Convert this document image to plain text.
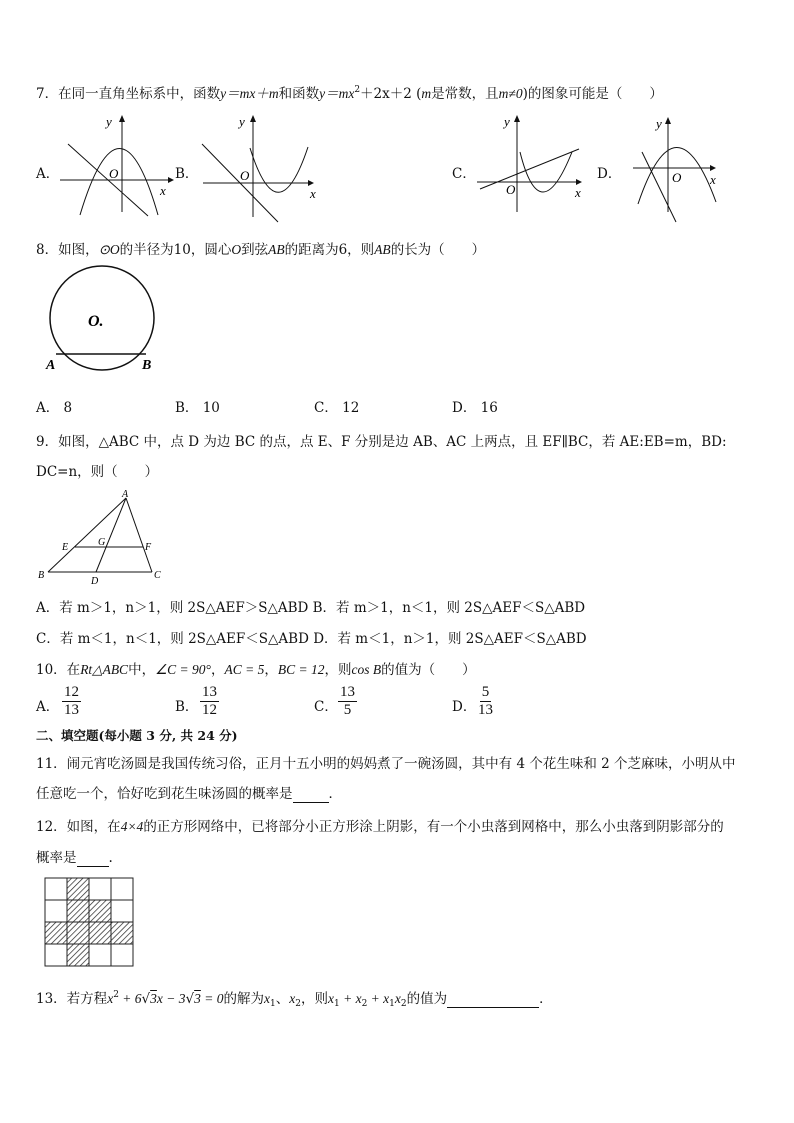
7．在同一直角坐标系中，函数y＝mx＋m和函数$y=mx^2+2x+2$ (m是常数，且m≠0)的图象可能是（　　）
A．	B．	C．	D．
y
x
O
y
x
O
y
x
O
y
x
O
8．如图，⊙O的半径为10，圆心O到弦AB的距离为6，则AB的长为（　　）
O.
A	B
A． 8	B． 10	C． 12	D． 16
9．如图，△ABC 中，点 D 为边 BC 的点，点 E、F 分别是边 AB、AC 上两点，且 EF∥BC，若 AE:EB=m，BD:
DC=n，则（　　）
A
B	C
D
E	F
G
A．若 m＞1，n＞1，则 2S△AEF＞S△ABD B．若 m＞1，n＜1，则 2S△AEF＜S△ABD
C．若 m＜1，n＜1，则 2S△AEF＜S△ABD D．若 m＜1，n＞1，则 2S△AEF＜S△ABD
10．在Rt△ABC中，∠C = 90°，AC = 5，BC = 12，则cos B的值为（　　）
A． $\frac{12}{13}$	B． $\frac{13}{12}$	C． $\frac{13}{5}$	D． $\frac{5}{13}$
二、填空题(每小题 3 分, 共 24 分)
11．闹元宵吃汤圆是我国传统习俗，正月十五小明的妈妈煮了一碗汤圆，其中有 4 个花生味和 2 个芝麻味，小明从中
任意吃一个，恰好吃到花生味汤圆的概率是	．
12．如图，在4×4的正方形网络中，已将部分小正方形涂上阴影，有一个小虫落到网格中，那么小虫落到阴影部分的
概率是 .
13．若方程$x^2 + 6√3x - 3√3 = 0$的解为$x_1$、$x_2$，则$x_1 + x_2 + x_1x_2$的值为	．
